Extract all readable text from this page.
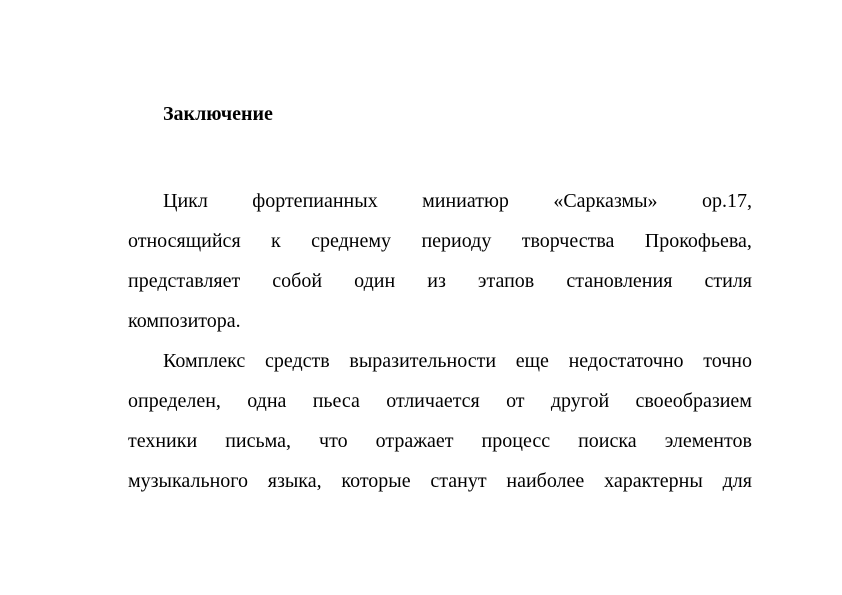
Заключение
Цикл фортепианных миниатюр «Сарказмы» ор.17,
относящийся к среднему периоду творчества Прокофьева,
представляет собой один из этапов становления стиля
композитора.
Комплекс средств выразительности еще недостаточно точно
определен, одна пьеса отличается от другой своеобразием
техники письма, что отражает процесс поиска элементов
музыкального языка, которые станут наиболее характерны для
